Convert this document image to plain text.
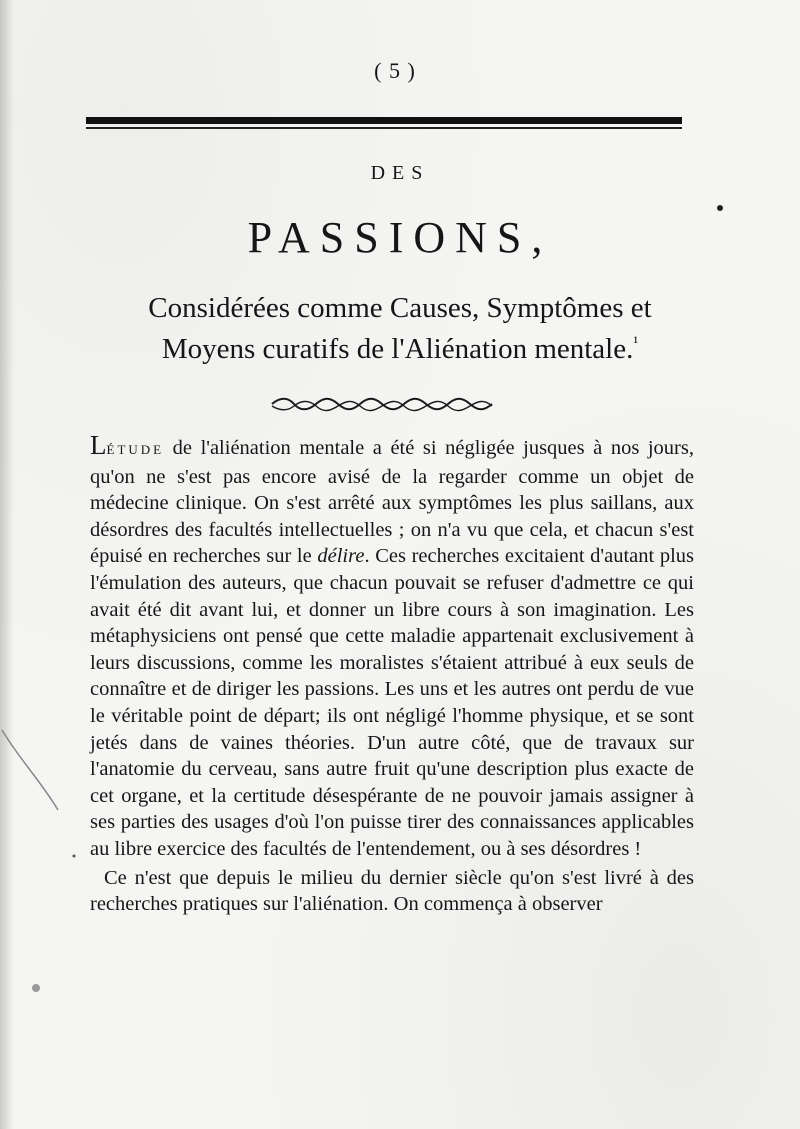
( 5 )
DES
PASSIONS,
Considérées comme Causes, Symptômes et
Moyens curatifs de l'Aliénation mentale.$^{^1}$

LÉTUDE de l'aliénation mentale a été si négligée jusques à nos jours, qu'on ne s'est pas encore avisé de la regarder comme un objet de médecine clinique. On s'est arrêté aux symptômes les plus saillans, aux désordres des facultés intellectuelles ; on n'a vu que cela, et chacun s'est épuisé en recherches sur le délire. Ces recherches excitaient d'autant plus l'émulation des auteurs, que chacun pouvait se refuser d'admettre ce qui avait été dit avant lui, et donner un libre cours à son imagination. Les métaphysiciens ont pensé que cette maladie appartenait exclusivement à leurs discussions, comme les moralistes s'étaient attribué à eux seuls de connaître et de diriger les passions. Les uns et les autres ont perdu de vue le véritable point de départ; ils ont négligé l'homme physique, et se sont jetés dans de vaines théories. D'un autre côté, que de travaux sur l'anatomie du cerveau, sans autre fruit qu'une description plus exacte de cet organe, et la certitude désespérante de ne pouvoir jamais assigner à ses parties des usages d'où l'on puisse tirer des connaissances applicables au libre exercice des facultés de l'entendement, ou à ses désordres !

Ce n'est que depuis le milieu du dernier siècle qu'on s'est livré à des recherches pratiques sur l'aliénation. On commença à observer
